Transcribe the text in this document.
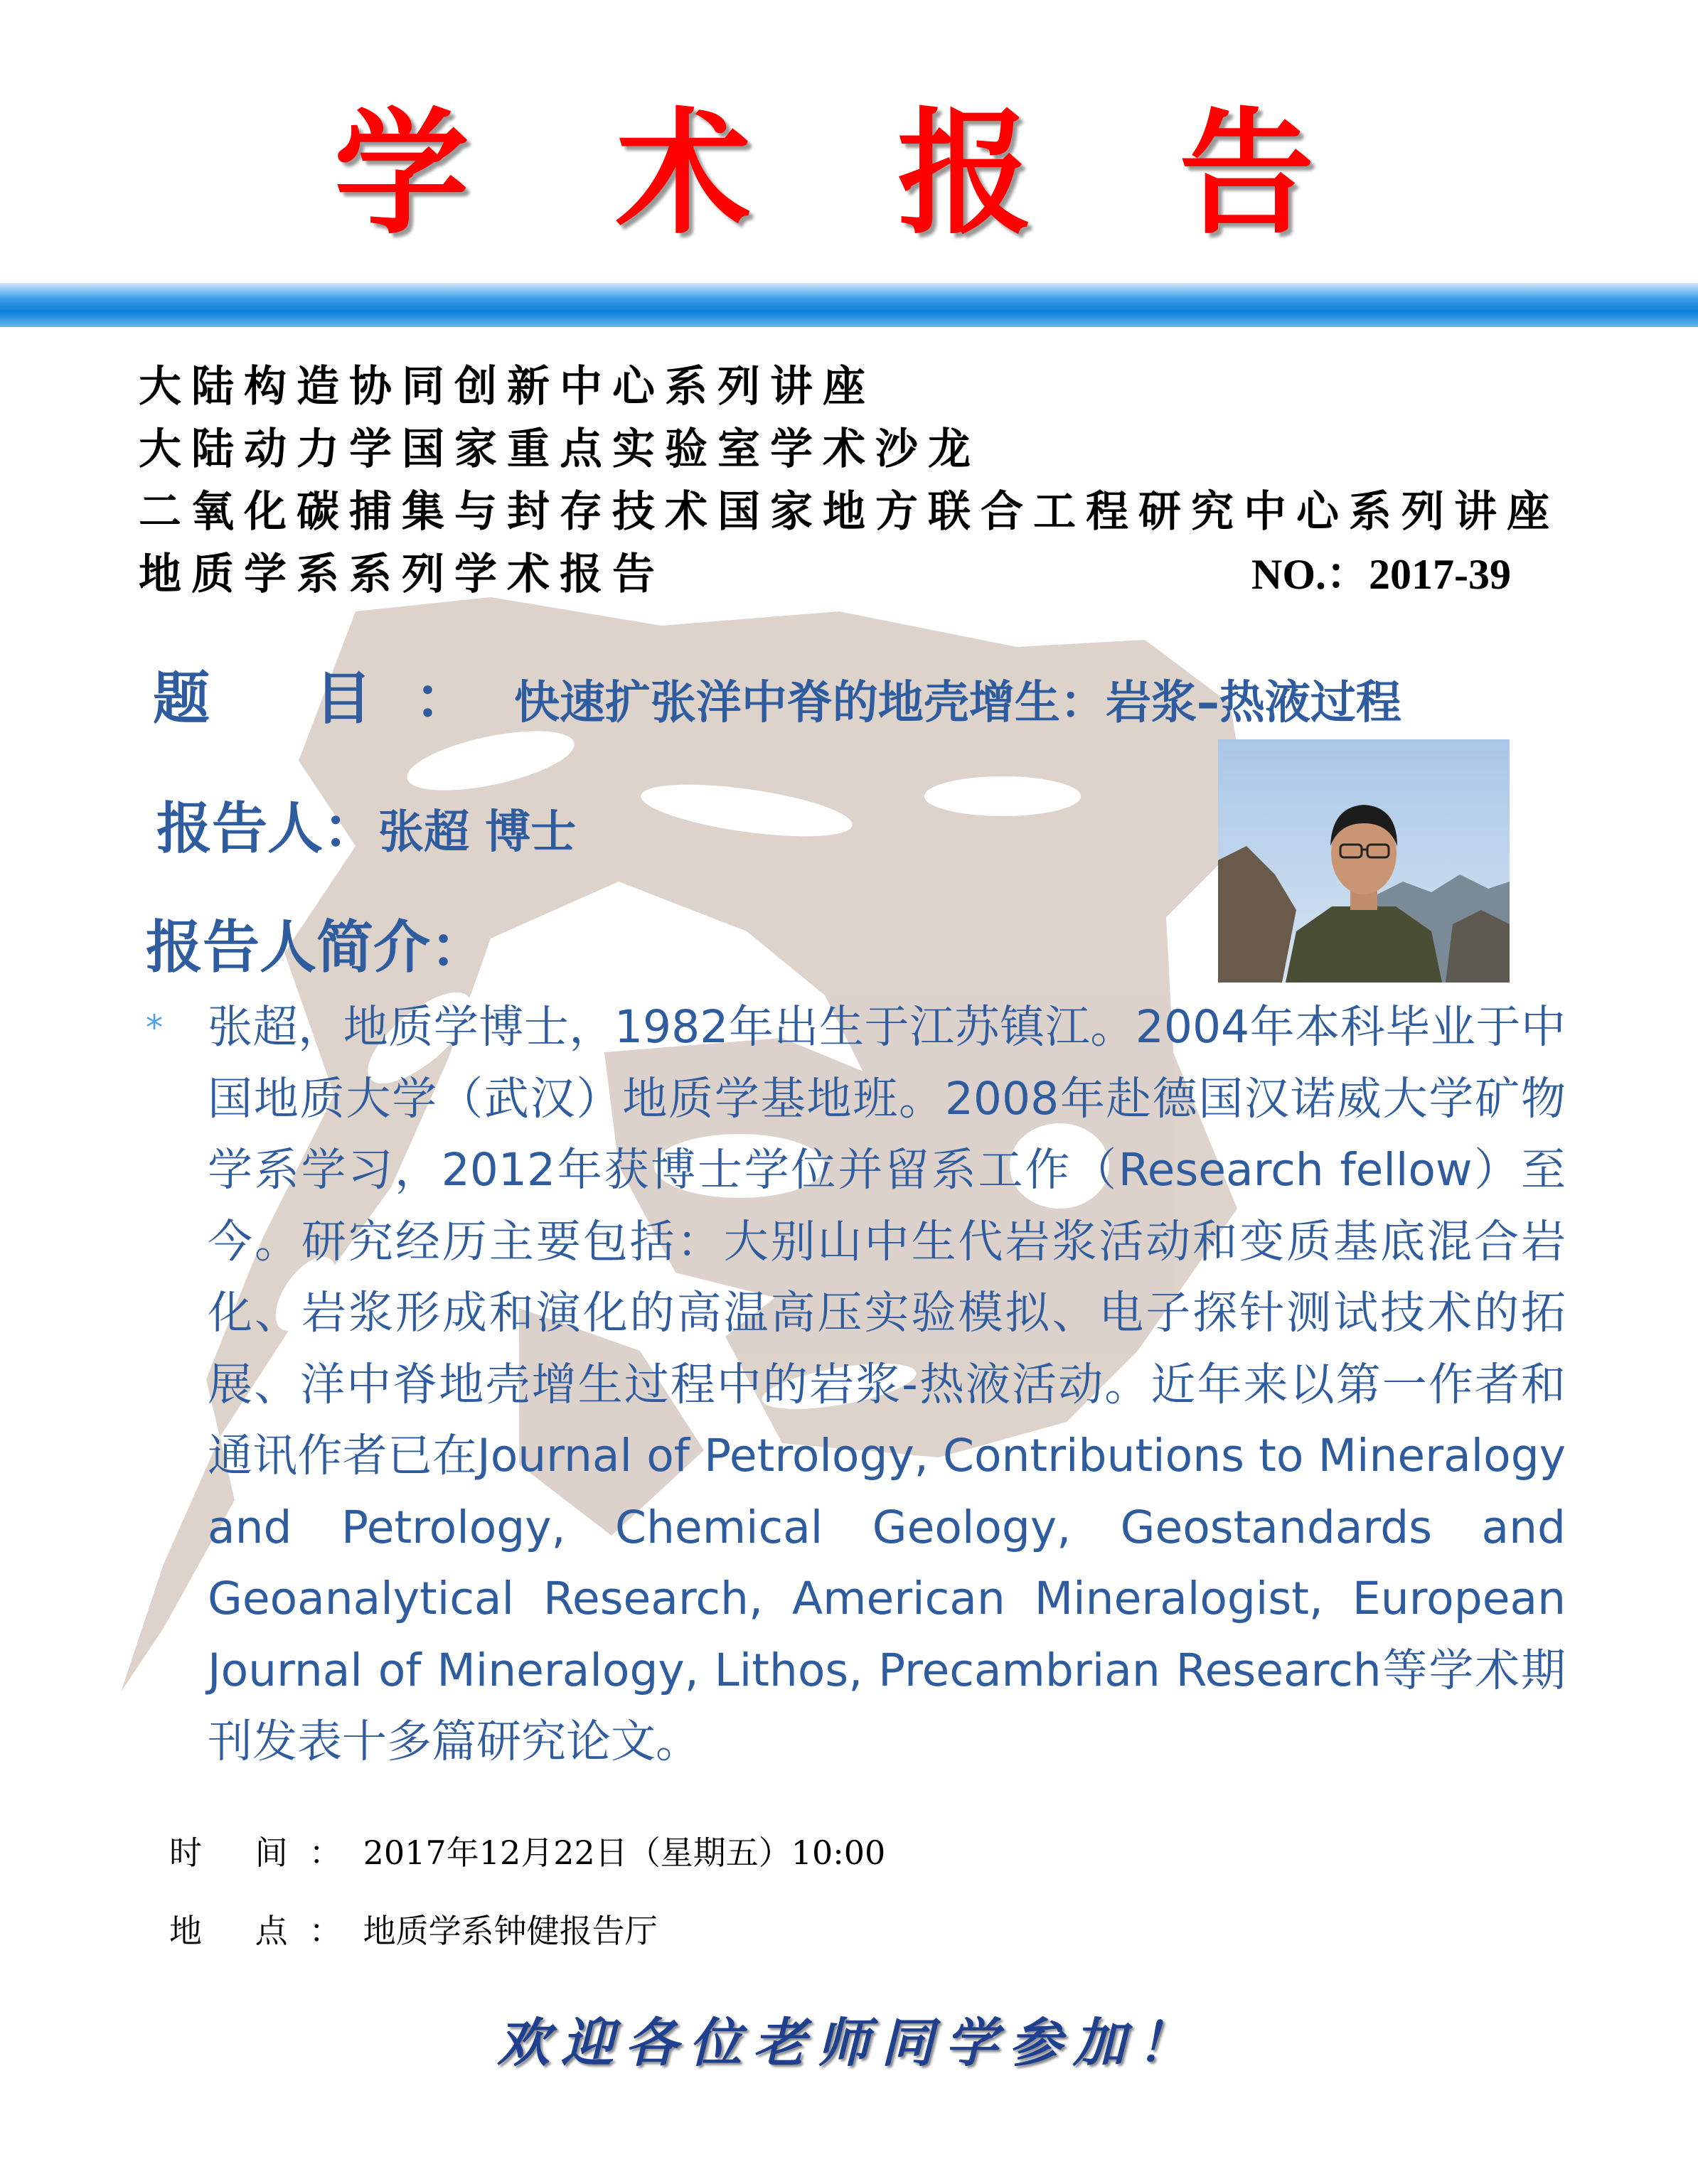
学 术 报 告
大陆构造协同创新中心系列讲座
大陆动力学国家重点实验室学术沙龙
二氧化碳捕集与封存技术国家地方联合工程研究中心系列讲座
地质学系系列学术报告	NO.：2017-39
题 目：快速扩张洋中脊的地壳增生：岩浆–热液过程
报告人：张超 博士
报告人简介：
* 张超，地质学博士，1982年出生于江苏镇江。2004年本科毕业于中国地质大学（武汉）地质学基地班。2008年赴德国汉诺威大学矿物学系学习，2012年获博士学位并留系工作（Research fellow）至今。研究经历主要包括：大别山中生代岩浆活动和变质基底混合岩化、岩浆形成和演化的高温高压实验模拟、电子探针测试技术的拓展、洋中脊地壳增生过程中的岩浆-热液活动。近年来以第一作者和通讯作者已在Journal of Petrology, Contributions to Mineralogy and Petrology, Chemical Geology, Geostandards and Geoanalytical Research, American Mineralogist, European Journal of Mineralogy, Lithos, Precambrian Research等学术期刊发表十多篇研究论文。
时 间：2017年12月22日（星期五）10:00
地 点：地质学系钟健报告厅
欢迎各位老师同学参加！
